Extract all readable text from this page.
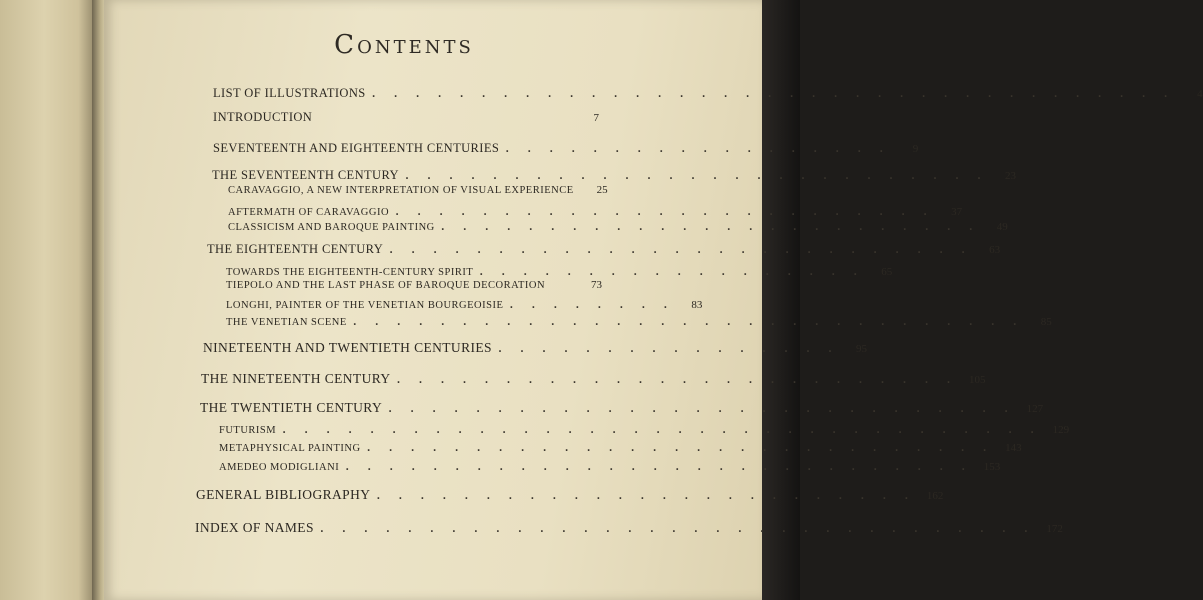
Contents
LIST OF ILLUSTRATIONS . . . . . . . . . . . . . . . . . . . . . . . . . . . . . . . . . . . . .	4
INTRODUCTION	7
SEVENTEENTH AND EIGHTEENTH CENTURIES . . . . . . . . . . . . . . . . . .	9
THE SEVENTEENTH CENTURY . . . . . . . . . . . . . . . . . . . . . . . . . . .	23
CARAVAGGIO, A NEW INTERPRETATION OF VISUAL EXPERIENCE	25
AFTERMATH OF CARAVAGGIO . . . . . . . . . . . . . . . . . . . . . . . . .	37
CLASSICISM AND BAROQUE PAINTING . . . . . . . . . . . . . . . . . . . . . . . . .	49
THE EIGHTEENTH CENTURY . . . . . . . . . . . . . . . . . . . . . . . . . . .	63
TOWARDS THE EIGHTEENTH-CENTURY SPIRIT . . . . . . . . . . . . . . . . . .	65
TIEPOLO AND THE LAST PHASE OF BAROQUE DECORATION	73
LONGHI, PAINTER OF THE VENETIAN BOURGEOISIE . . . . . . . .	83
THE VENETIAN SCENE . . . . . . . . . . . . . . . . . . . . . . . . . . . . . . .	85
NINETEENTH AND TWENTIETH CENTURIES . . . . . . . . . . . . . . . .	95
THE NINETEENTH CENTURY . . . . . . . . . . . . . . . . . . . . . . . . . .	105
THE TWENTIETH CENTURY . . . . . . . . . . . . . . . . . . . . . . . . . . . . .	127
FUTURISM . . . . . . . . . . . . . . . . . . . . . . . . . . . . . . . . . . .	129
METAPHYSICAL PAINTING . . . . . . . . . . . . . . . . . . . . . . . . . . . . .	143
AMEDEO MODIGLIANI . . . . . . . . . . . . . . . . . . . . . . . . . . . . .	153
GENERAL BIBLIOGRAPHY . . . . . . . . . . . . . . . . . . . . . . . . .	162
INDEX OF NAMES . . . . . . . . . . . . . . . . . . . . . . . . . . . . . . . . .	172
